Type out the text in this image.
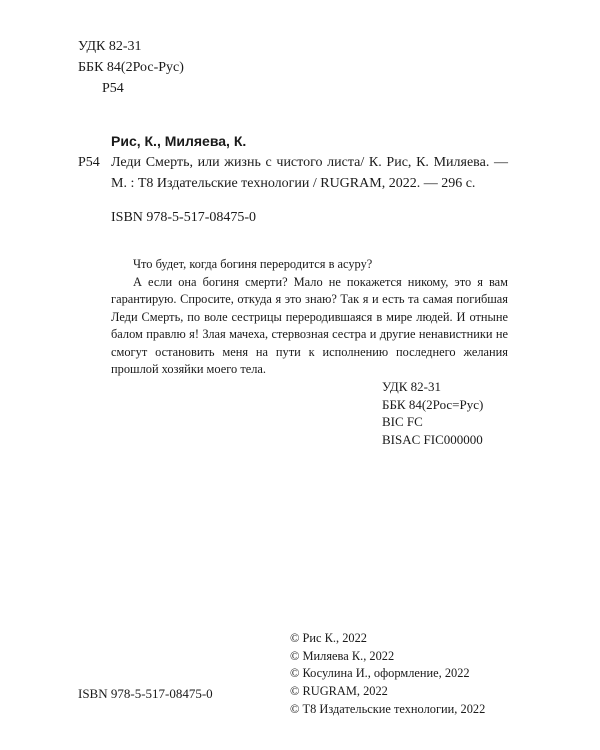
УДК 82-31
ББК 84(2Рос-Рус)
Р54
Рис, К., Миляева, К.
Р54 Леди Смерть, или жизнь с чистого листа/ К. Рис, К. Миляева. — М. : Т8 Издательские технологии / RUGRAM, 2022. — 296 с.
ISBN 978-5-517-08475-0

Что будет, когда богиня переродится в асуру?

А если она богиня смерти? Мало не покажется никому, это я вам гарантирую. Спросите, откуда я это знаю? Так я и есть та самая погибшая Леди Смерть, по воле сестрицы переродившаяся в мире людей. И отныне балом правлю я! Злая мачеха, стервозная сестра и другие ненавистники не смогут остановить меня на пути к исполнению последнего желания прошлой хозяйки моего тела.

УДК 82-31
ББК 84(2Рос=Рус)
BIC FC
BISAC FIC000000
© Рис К., 2022
© Миляева К., 2022
© Косулина И., оформление, 2022
© RUGRAM, 2022
© Т8 Издательские технологии, 2022
ISBN 978-5-517-08475-0
